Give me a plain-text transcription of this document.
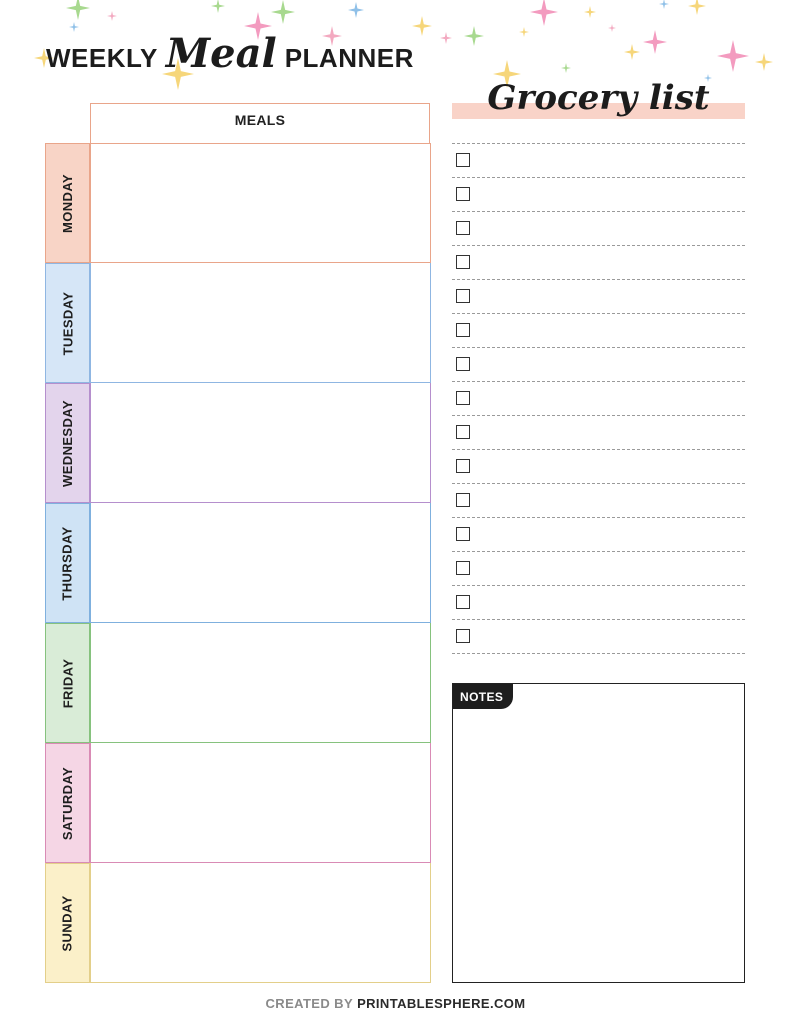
WEEKLY Meal PLANNER
MEALS
MONDAY
TUESDAY
WEDNESDAY
THURSDAY
FRIDAY
SATURDAY
SUNDAY
Grocery list
NOTES
CREATED BY PRINTABLESPHERE.COM
